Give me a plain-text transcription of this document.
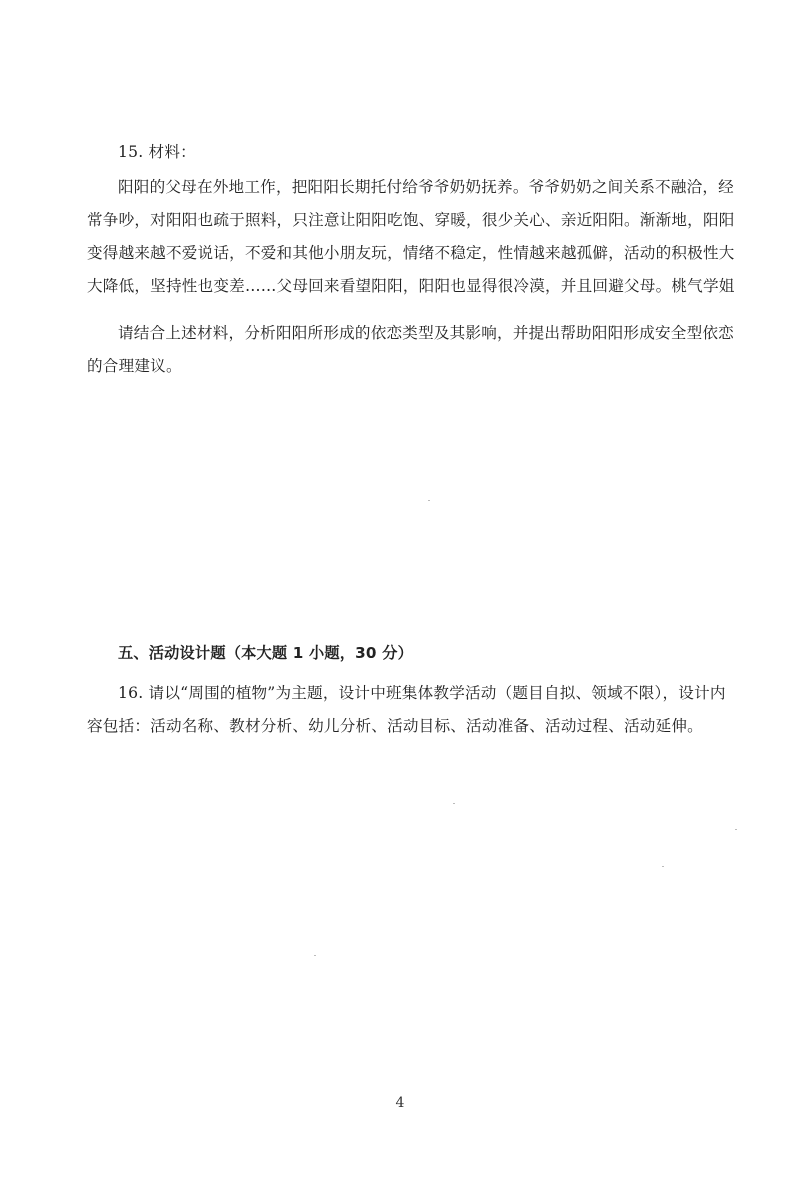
15. 材料：
阳阳的父母在外地工作，把阳阳长期托付给爷爷奶奶抚养。爷爷奶奶之间关系不融洽，经
常争吵，对阳阳也疏于照料，只注意让阳阳吃饱、穿暖，很少关心、亲近阳阳。渐渐地，阳阳
变得越来越不爱说话，不爱和其他小朋友玩，情绪不稳定，性情越来越孤僻，活动的积极性大
大降低，坚持性也变差……父母回来看望阳阳，阳阳也显得很冷漠，并且回避父母。桃气学姐
请结合上述材料，分析阳阳所形成的依恋类型及其影响，并提出帮助阳阳形成安全型依恋
的合理建议。
五、活动设计题（本大题 1 小题，30 分）
16. 请以“周围的植物”为主题，设计中班集体教学活动（题目自拟、领域不限），设计内
容包括：活动名称、教材分析、幼儿分析、活动目标、活动准备、活动过程、活动延伸。
4
